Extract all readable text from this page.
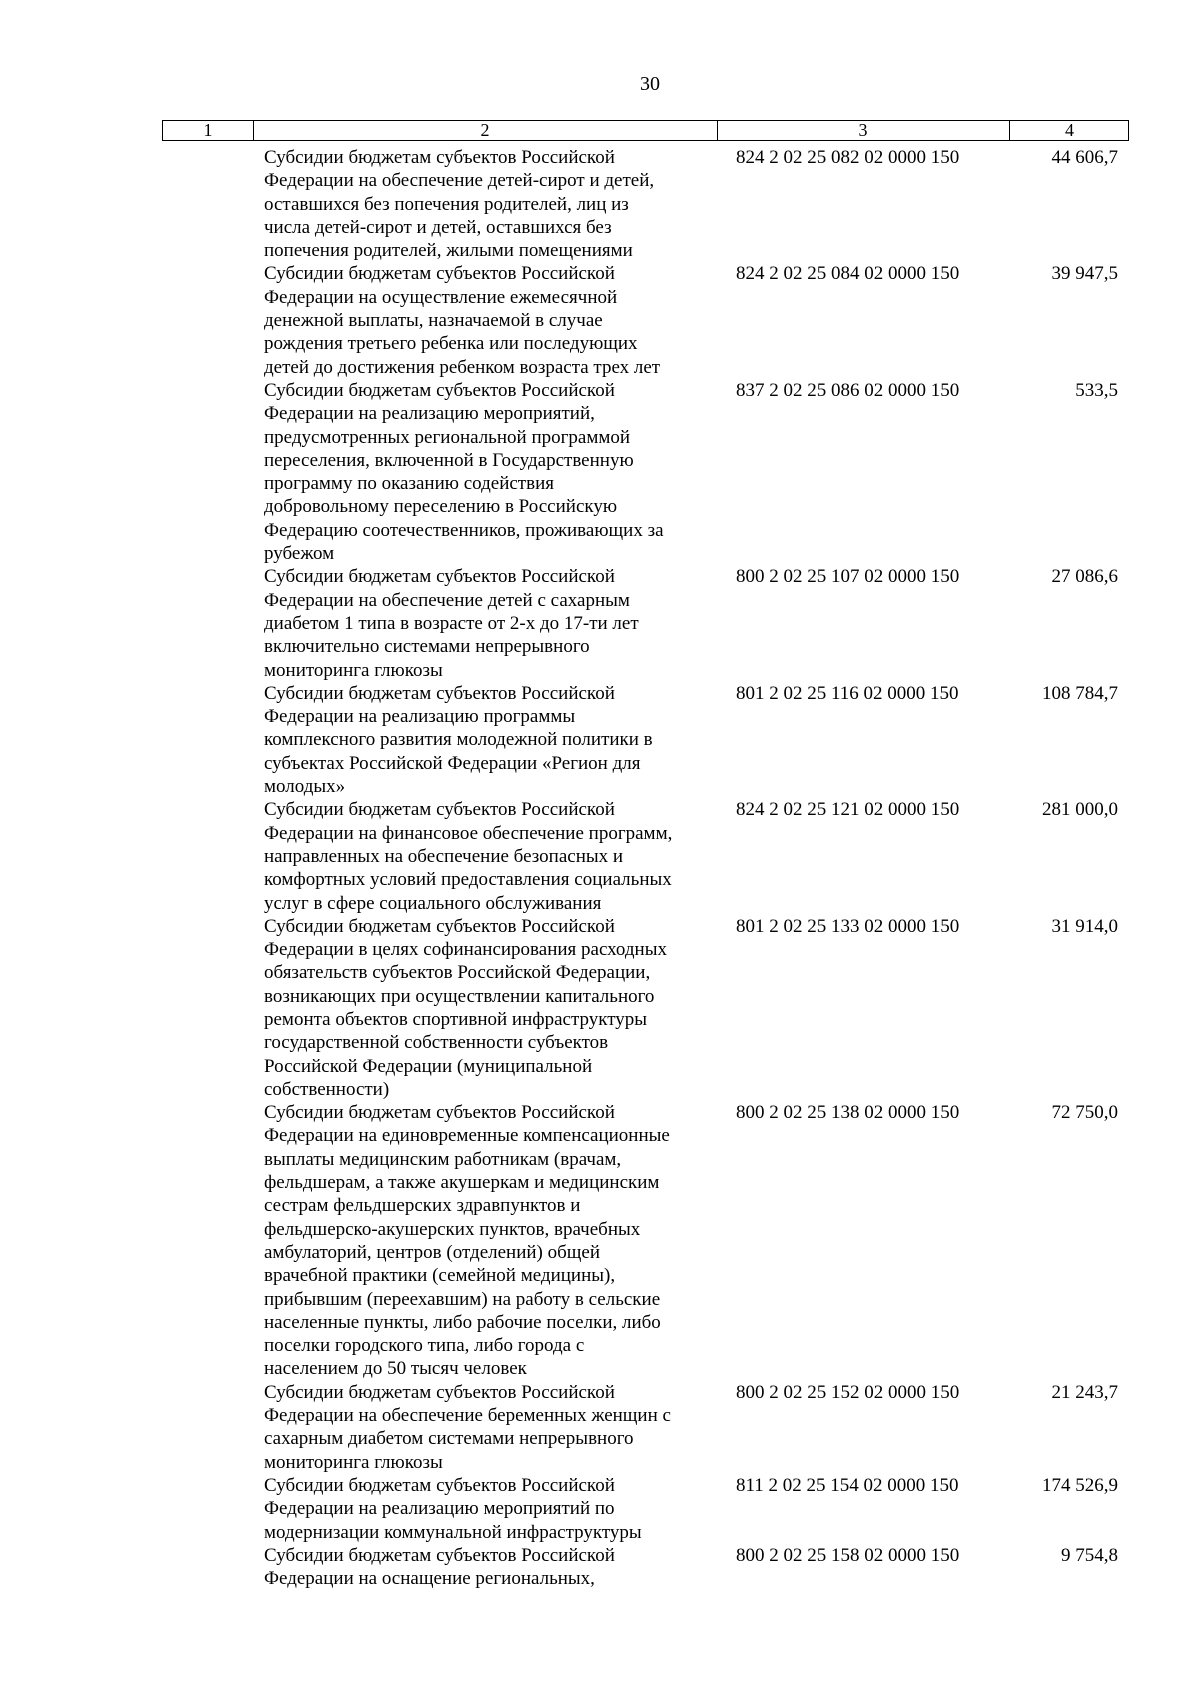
30
1	2	3	4
Субсидии бюджетам субъектов Российской
Федерации на обеспечение детей-сирот и детей,
оставшихся без попечения родителей, лиц из
числа детей-сирот и детей, оставшихся без
попечения родителей, жилыми помещениями
824 2 02 25 082 02 0000 150	44 606,7
Субсидии бюджетам субъектов Российской
Федерации на осуществление ежемесячной
денежной выплаты, назначаемой в случае
рождения третьего ребенка или последующих
детей до достижения ребенком возраста трех лет
824 2 02 25 084 02 0000 150	39 947,5
Субсидии бюджетам субъектов Российской
Федерации на реализацию мероприятий,
предусмотренных региональной программой
переселения, включенной в Государственную
программу по оказанию содействия
добровольному переселению в Российскую
Федерацию соотечественников, проживающих за
рубежом
837 2 02 25 086 02 0000 150	533,5
Субсидии бюджетам субъектов Российской
Федерации на обеспечение детей с сахарным
диабетом 1 типа в возрасте от 2-х до 17-ти лет
включительно системами непрерывного
мониторинга глюкозы
800 2 02 25 107 02 0000 150	27 086,6
Субсидии бюджетам субъектов Российской
Федерации на реализацию программы
комплексного развития молодежной политики в
субъектах Российской Федерации «Регион для
молодых»
801 2 02 25 116 02 0000 150	108 784,7
Субсидии бюджетам субъектов Российской
Федерации на финансовое обеспечение программ,
направленных на обеспечение безопасных и
комфортных условий предоставления социальных
услуг в сфере социального обслуживания
824 2 02 25 121 02 0000 150	281 000,0
Субсидии бюджетам субъектов Российской
Федерации в целях софинансирования расходных
обязательств субъектов Российской Федерации,
возникающих при осуществлении капитального
ремонта объектов спортивной инфраструктуры
государственной собственности субъектов
Российской Федерации (муниципальной
собственности)
801 2 02 25 133 02 0000 150	31 914,0
Субсидии бюджетам субъектов Российской
Федерации на единовременные компенсационные
выплаты медицинским работникам (врачам,
фельдшерам, а также акушеркам и медицинским
сестрам фельдшерских здравпунктов и
фельдшерско-акушерских пунктов, врачебных
амбулаторий, центров (отделений) общей
врачебной практики (семейной медицины),
прибывшим (переехавшим) на работу в сельские
населенные пункты, либо рабочие поселки, либо
поселки городского типа, либо города с
населением до 50 тысяч человек
800 2 02 25 138 02 0000 150	72 750,0
Субсидии бюджетам субъектов Российской
Федерации на обеспечение беременных женщин с
сахарным диабетом системами непрерывного
мониторинга глюкозы
800 2 02 25 152 02 0000 150	21 243,7
Субсидии бюджетам субъектов Российской
Федерации на реализацию мероприятий по
модернизации коммунальной инфраструктуры
811 2 02 25 154 02 0000 150	174 526,9
Субсидии бюджетам субъектов Российской
Федерации на оснащение региональных,
800 2 02 25 158 02 0000 150	9 754,8
